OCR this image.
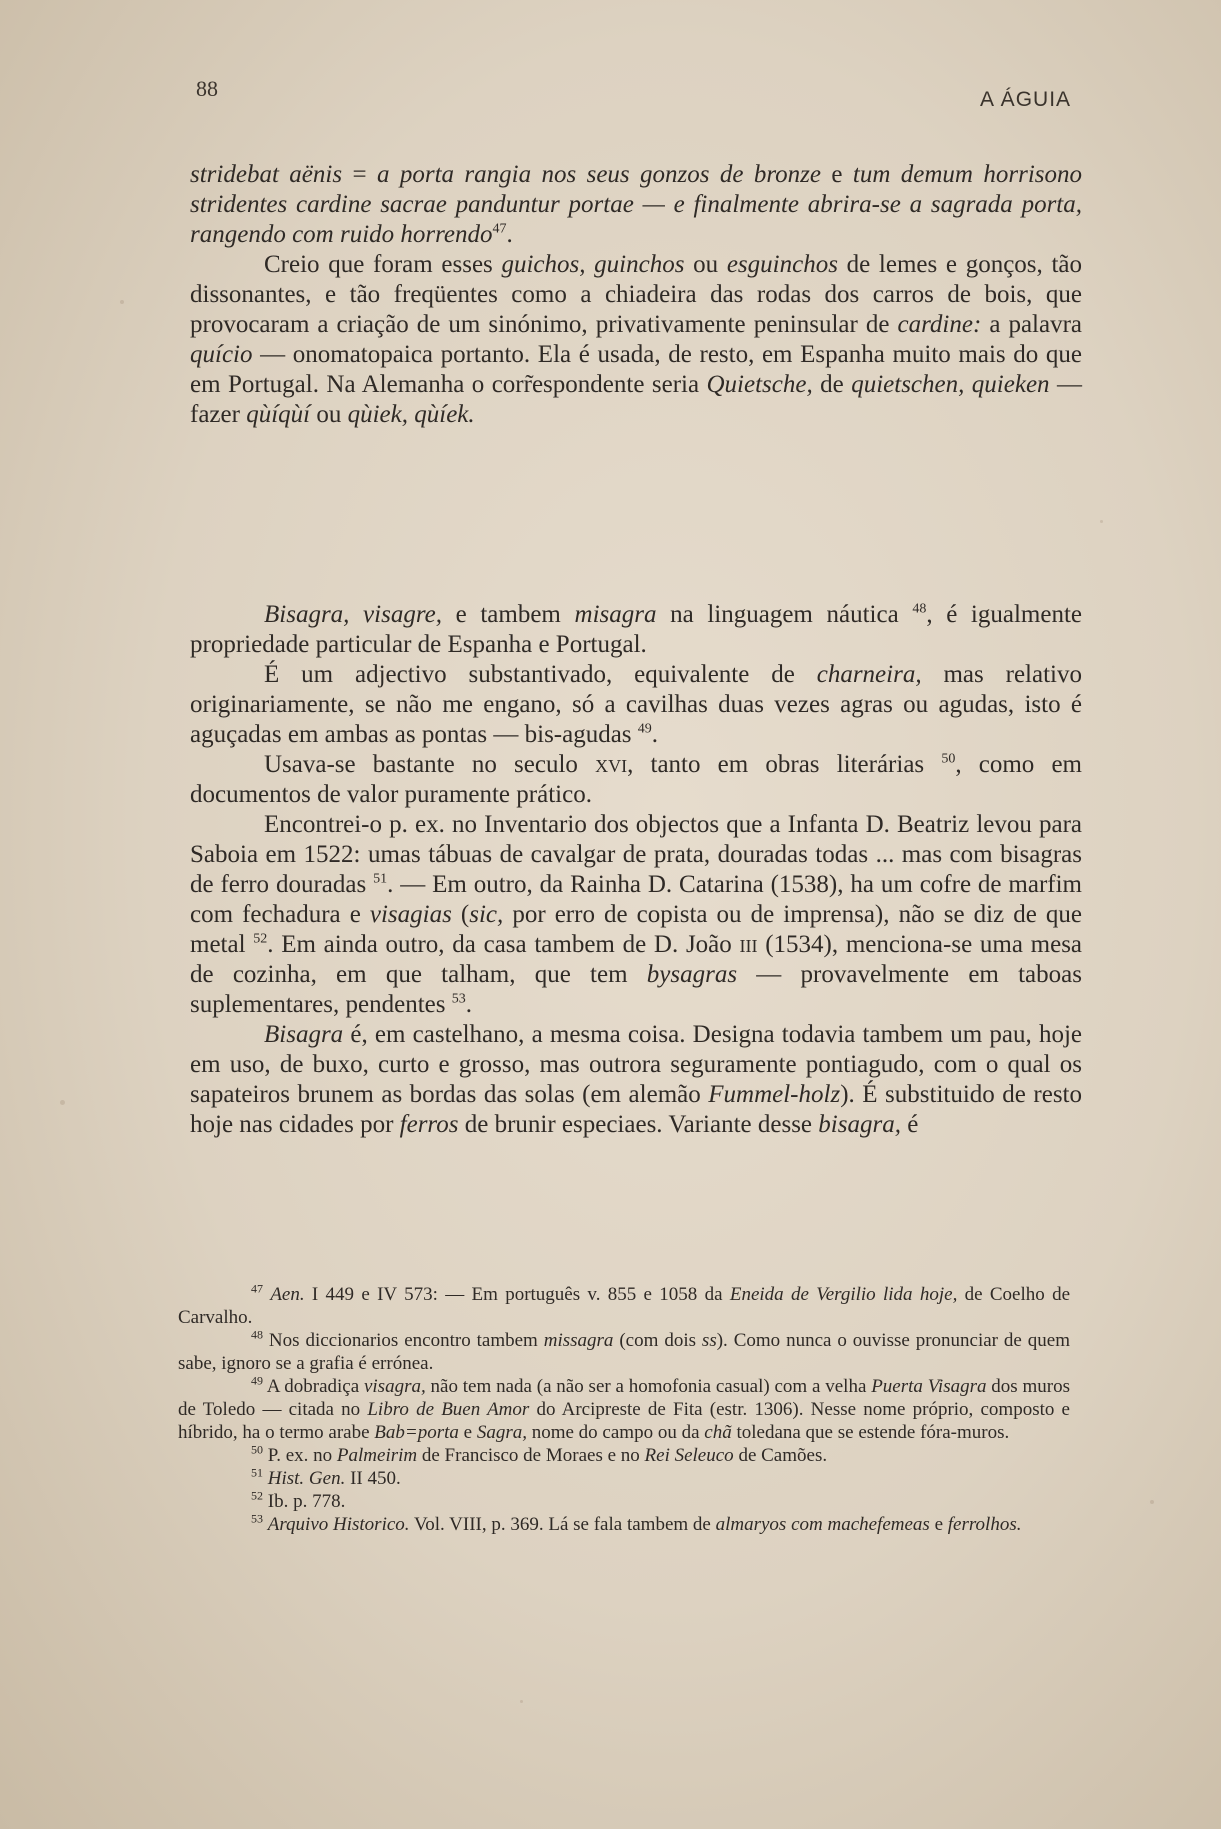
88	A ÁGUIA

stridebat aënis = a porta rangia nos seus gonzos de bronze e tum demum horrisono stridentes cardine sacrae panduntur portae — e finalmente abrira-se a sagrada porta, rangendo com ruido horrendo$^{47}$.

Creio que foram esses guichos, guinchos ou esguinchos de lemes e gonços, tão dissonantes, e tão freqüentes como a chiadeira das rodas dos carros de bois, que provocaram a criação de um sinónimo, privativamente peninsular de cardine: a palavra quício — onomatopaica portanto. Ela é usada, de resto, em Espanha muito mais do que em Portugal. Na Alemanha o corr̃espondente seria Quietsche, de quietschen, quieken — fazer qùíqùí ou qùiek, qùíek.

Bisagra, visagre, e tambem misagra na linguagem náutica $^{48}$, é igualmente propriedade particular de Espanha e Portugal.

É um adjectivo substantivado, equivalente de charneira, mas relativo originariamente, se não me engano, só a cavilhas duas vezes agras ou agudas, isto é aguçadas em ambas as pontas — bis-agudas $^{49}$.

Usava-se bastante no seculo xvi, tanto em obras literárias $^{50}$, como em documentos de valor puramente prático.

Encontrei-o p. ex. no Inventario dos objectos que a Infanta D. Beatriz levou para Saboia em 1522: umas tábuas de cavalgar de prata, douradas todas ... mas com bisagras de ferro douradas $^{51}$. — Em outro, da Rainha D. Catarina (1538), ha um cofre de marfim com fechadura e visagias (sic, por erro de copista ou de imprensa), não se diz de que metal $^{52}$. Em ainda outro, da casa tambem de D. João iii (1534), menciona-se uma mesa de cozinha, em que talham, que tem bysagras — provavelmente em taboas suplementares, pendentes $^{53}$.

Bisagra é, em castelhano, a mesma coisa. Designa todavia tambem um pau, hoje em uso, de buxo, curto e grosso, mas outrora seguramente pontiagudo, com o qual os sapateiros brunem as bordas das solas (em alemão Fummel-holz). É substituido de resto hoje nas cidades por ferros de brunir especiaes. Variante desse bisagra, é

$^{47}$ Aen. I 449 e IV 573: — Em português v. 855 e 1058 da Eneida de Vergilio lida hoje, de Coelho de Carvalho.

$^{48}$ Nos diccionarios encontro tambem missagra (com dois ss). Como nunca o ouvisse pronunciar de quem sabe, ignoro se a grafia é errónea.

$^{49}$ A dobradiça visagra, não tem nada (a não ser a homofonia casual) com a velha Puerta Visagra dos muros de Toledo — citada no Libro de Buen Amor do Arcipreste de Fita (estr. 1306). Nesse nome próprio, composto e híbrido, ha o termo arabe Bab=porta e Sagra, nome do campo ou da chã toledana que se estende fóra-muros.

$^{50}$ P. ex. no Palmeirim de Francisco de Moraes e no Rei Seleuco de Camões.

$^{51}$ Hist. Gen. II 450.

$^{52}$ Ib. p. 778.

$^{53}$ Arquivo Historico. Vol. VIII, p. 369. Lá se fala tambem de almaryos com machefemeas e ferrolhos.
